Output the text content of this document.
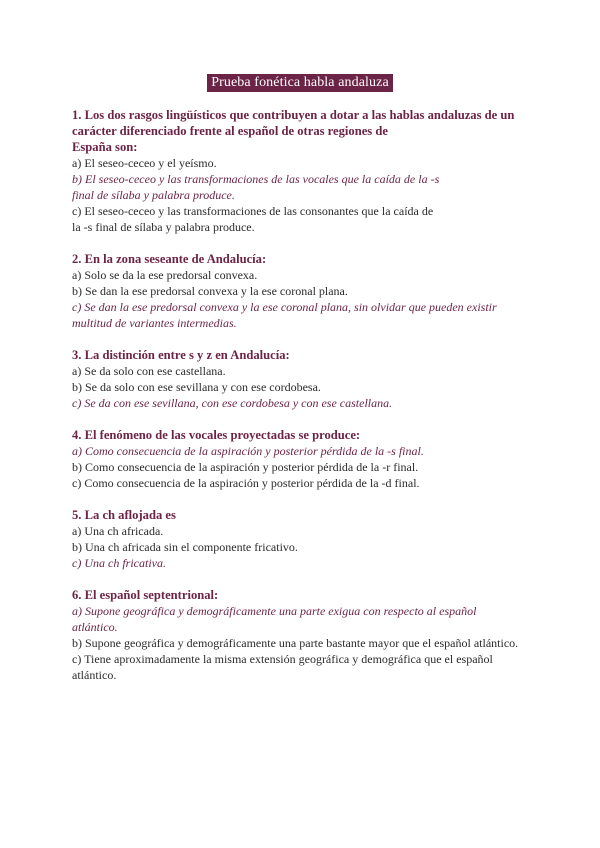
Prueba fonética habla andaluza
1. Los dos rasgos lingüísticos que contribuyen a dotar a las hablas andaluzas de un
carácter diferenciado frente al español de otras regiones de
España son:
a) El seseo-ceceo y el yeísmo.
b) El seseo-ceceo y las transformaciones de las vocales que la caída de la -s
final de sílaba y palabra produce.
c) El seseo-ceceo y las transformaciones de las consonantes que la caída de
la -s final de sílaba y palabra produce.
2. En la zona seseante de Andalucía:
a) Solo se da la ese predorsal convexa.
b) Se dan la ese predorsal convexa y la ese coronal plana.
c) Se dan la ese predorsal convexa y la ese coronal plana, sin olvidar que pueden existir
multitud de variantes intermedias.
3. La distinción entre s y z en Andalucía:
a) Se da solo con ese castellana.
b) Se da solo con ese sevillana y con ese cordobesa.
c) Se da con ese sevillana, con ese cordobesa y con ese castellana.
4. El fenómeno de las vocales proyectadas se produce:
a) Como consecuencia de la aspiración y posterior pérdida de la -s final.
b) Como consecuencia de la aspiración y posterior pérdida de la -r final.
c) Como consecuencia de la aspiración y posterior pérdida de la -d final.
5. La ch aflojada es
a) Una ch africada.
b) Una ch africada sin el componente fricativo.
c) Una ch fricativa.
6. El español septentrional:
a) Supone geográfica y demográficamente una parte exigua con respecto al español
atlántico.
b) Supone geográfica y demográficamente una parte bastante mayor que el español atlántico.
c) Tiene aproximadamente la misma extensión geográfica y demográfica que el español
atlántico.
